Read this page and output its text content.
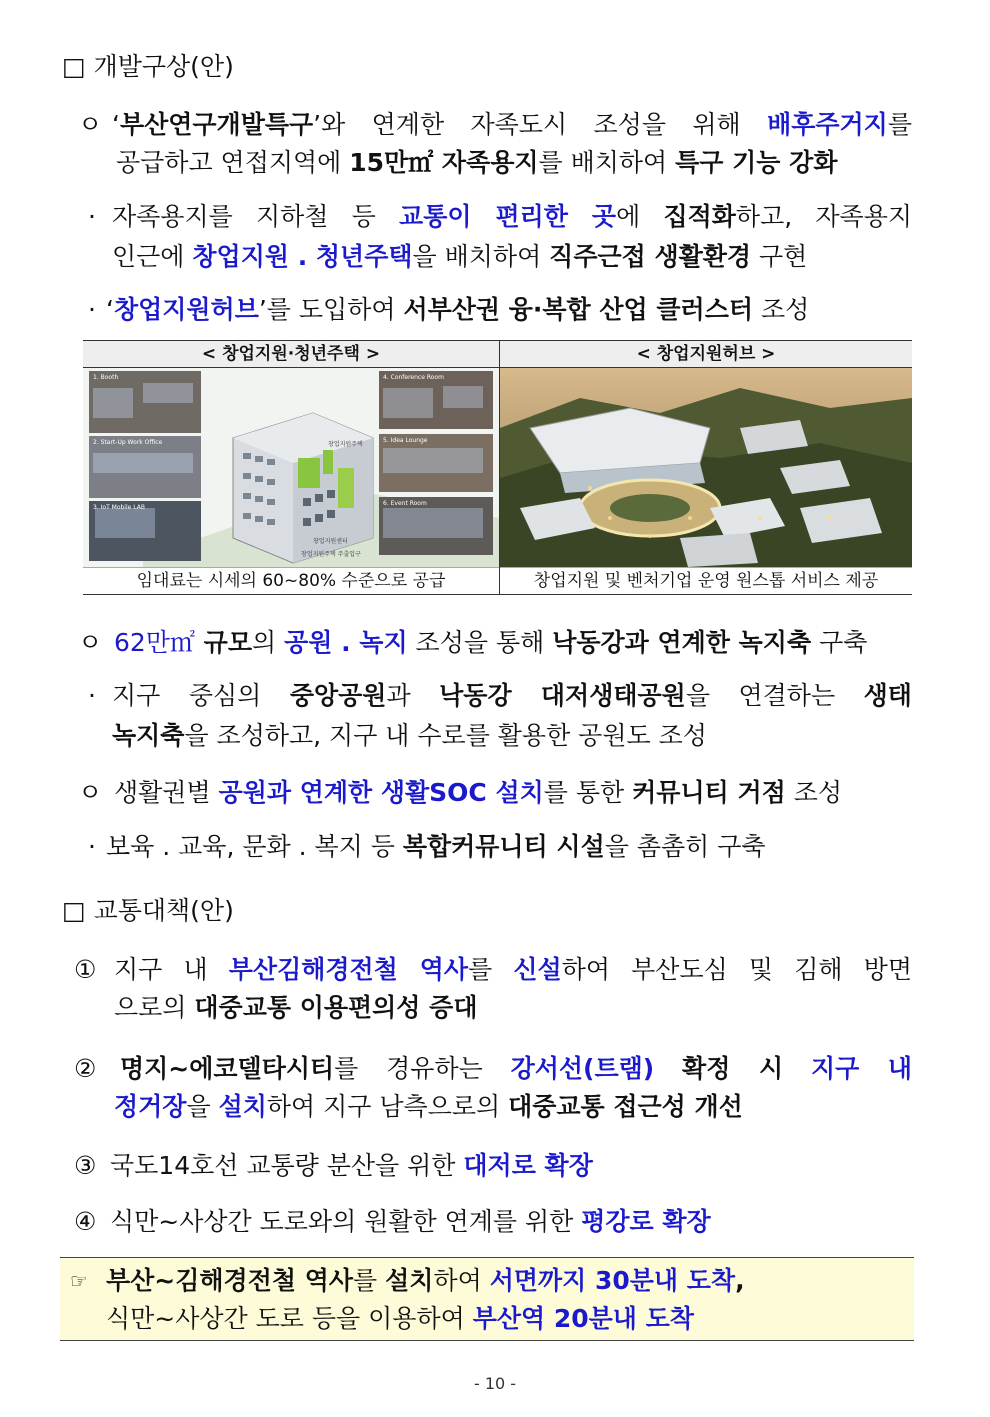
□ 개발구상(안)
ㅇ ‘부산연구개발특구’와 연계한 자족도시 조성을 위해 배후주거지를
공급하고 연접지역에 15만㎡ 자족용지를 배치하여 특구 기능 강화
· 자족용지를 지하철 등 교통이 편리한 곳에 집적화하고, 자족용지
인근에 창업지원 . 청년주택을 배치하여 직주근접 생활환경 구현
· ‘창업지원허브’를 도입하여 서부산권 융·복합 산업 클러스터 조성
< 창업지원·청년주택 >
1. Booth	4. Conference Room
2. Start-Up Work Office	5. Idea Lounge
3. IoT Mobile LAB
6. Event Room
창업지원주택
창업지원센터
창업지원주택 주출입구
임대료는 시세의 60~80% 수준으로 공급
< 창업지원허브 >
창업지원 및 벤처기업 운영 원스톱 서비스 제공
ㅇ 62만㎡ 규모의 공원 . 녹지 조성을 통해 낙동강과 연계한 녹지축 구축
· 지구 중심의 중앙공원과 낙동강 대저생태공원을 연결하는 생태
녹지축을 조성하고, 지구 내 수로를 활용한 공원도 조성
ㅇ 생활권별 공원과 연계한 생활SOC 설치를 통한 커뮤니티 거점 조성
· 보육 . 교육, 문화 . 복지 등 복합커뮤니티 시설을 촘촘히 구축
□ 교통대책(안)
① 지구 내 부산김해경전철 역사를 신설하여 부산도심 및 김해 방면
으로의 대중교통 이용편의성 증대
② 명지~에코델타시티를 경유하는 강서선(트램) 확정 시 지구 내
정거장을 설치하여 지구 남측으로의 대중교통 접근성 개선
③ 국도14호선 교통량 분산을 위한 대저로 확장
④ 식만~사상간 도로와의 원활한 연계를 위한 평강로 확장
☞ 부산~김해경전철 역사를 설치하여 서면까지 30분내 도착,
식만~사상간 도로 등을 이용하여 부산역 20분내 도착
- 10 -
